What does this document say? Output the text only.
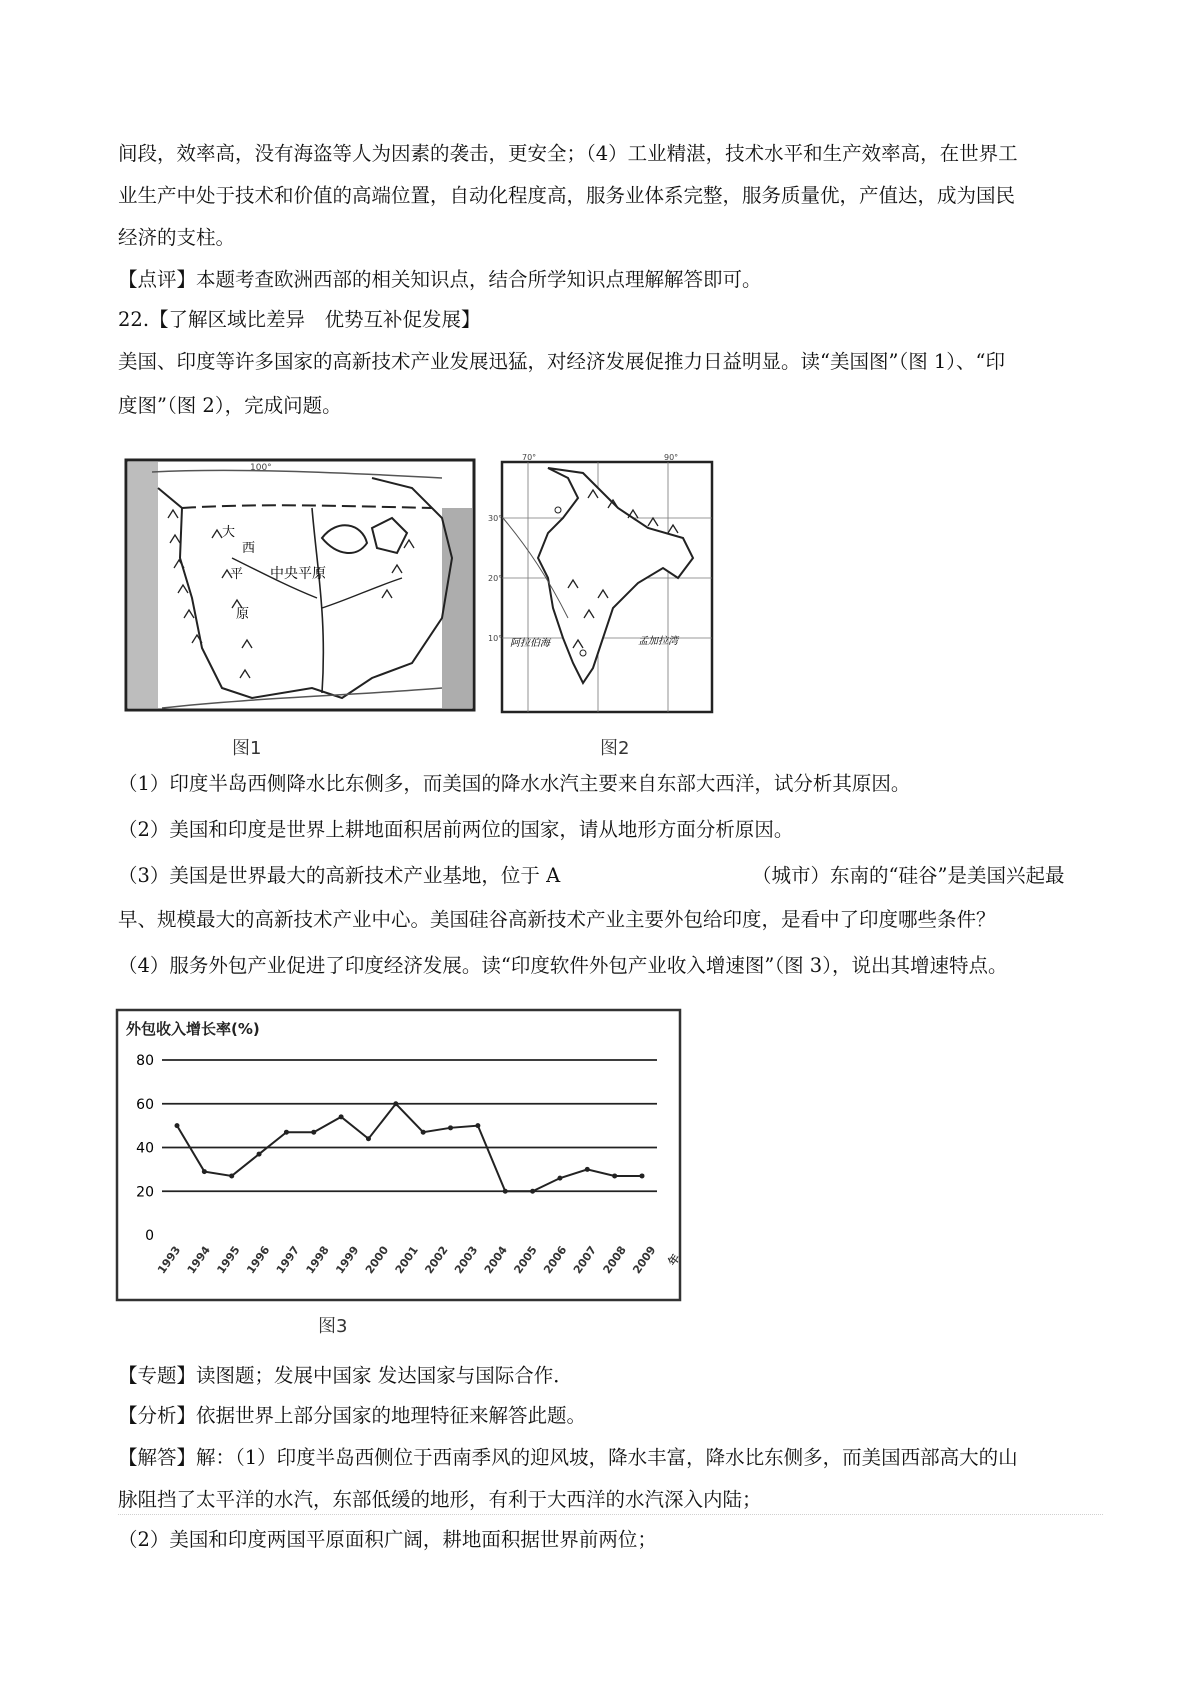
间段，效率高，没有海盗等人为因素的袭击，更安全；（4）工业精湛，技术水平和生产效率高，在世界工
业生产中处于技术和价值的高端位置，自动化程度高，服务业体系完整，服务质量优，产值达，成为国民
经济的支柱。
【点评】本题考查欧洲西部的相关知识点，结合所学知识点理解解答即可。
22.【了解区域比差异　优势互补促发展】
美国、印度等许多国家的高新技术产业发展迅猛，对经济发展促推力日益明显。读“美国图”（图 1）、“印
度图”（图 2），完成问题。
大
西
平 中央平原
原
100°
图1
阿拉伯海	孟加拉湾
70°	90°
30°
20°
10°
图2
（1）印度半岛西侧降水比东侧多，而美国的降水水汽主要来自东部大西洋，试分析其原因。
（2）美国和印度是世界上耕地面积居前两位的国家，请从地形方面分析原因。
（3）美国是世界最大的高新技术产业基地，位于 A	（城市）东南的“硅谷”是美国兴起最
早、规模最大的高新技术产业中心。美国硅谷高新技术产业主要外包给印度，是看中了印度哪些条件？
（4）服务外包产业促进了印度经济发展。读“印度软件外包产业收入增速图”（图 3），说出其增速特点。
外包收入增长率(%)
0
20
40
60
80
1993 1994 1995 1996 1997 1998 1999 2000 2001 2002 2003 2004 2005 2006 2007 2008 2009 年
图3
【专题】读图题；发展中国家 发达国家与国际合作．
【分析】依据世界上部分国家的地理特征来解答此题。
【解答】解：（1）印度半岛西侧位于西南季风的迎风坡，降水丰富，降水比东侧多，而美国西部高大的山
脉阻挡了太平洋的水汽，东部低缓的地形，有利于大西洋的水汽深入内陆；
（2）美国和印度两国平原面积广阔，耕地面积据世界前两位；
